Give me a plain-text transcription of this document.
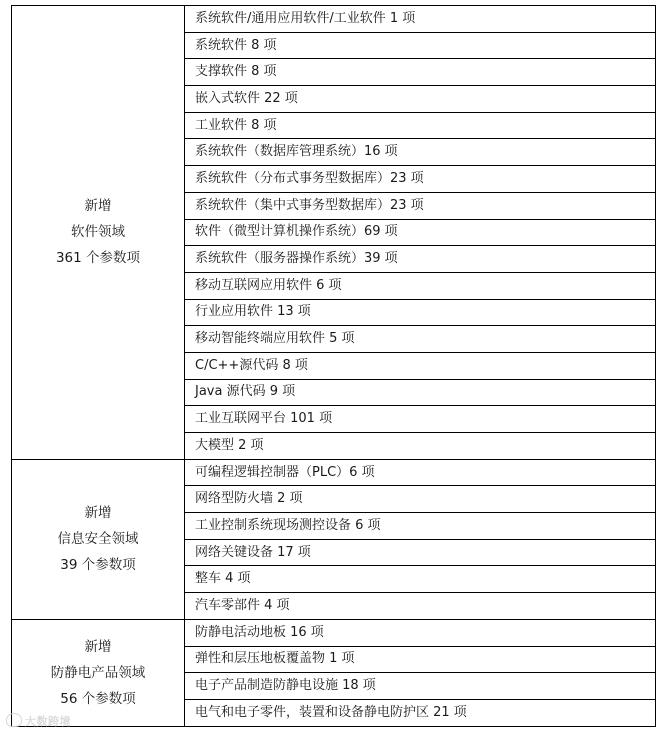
新增
软件领域
361 个参数项	系统软件/通用应用软件/工业软件 1 项
	系统软件 8 项
	支撑软件 8 项
	嵌入式软件 22 项
	工业软件 8 项
	系统软件（数据库管理系统）16 项
	系统软件（分布式事务型数据库）23 项
	系统软件（集中式事务型数据库）23 项
	软件（微型计算机操作系统）69 项
	系统软件（服务器操作系统）39 项
	移动互联网应用软件 6 项
	行业应用软件 13 项
	移动智能终端应用软件 5 项
	C/C++源代码 8 项
	Java 源代码 9 项
	工业互联网平台 101 项
	大模型 2 项

新增
信息安全领域
39 个参数项	可编程逻辑控制器（PLC）6 项
	网络型防火墙 2 项
	工业控制系统现场测控设备 6 项
	网络关键设备 17 项
	整车 4 项
	汽车零部件 4 项

新增
防静电产品领域
56 个参数项	防静电活动地板 16 项
	弹性和层压地板覆盖物 1 项
	电子产品制造防静电设施 18 项
	电气和电子零件，装置和设备静电防护区 21 项
大数跨境
